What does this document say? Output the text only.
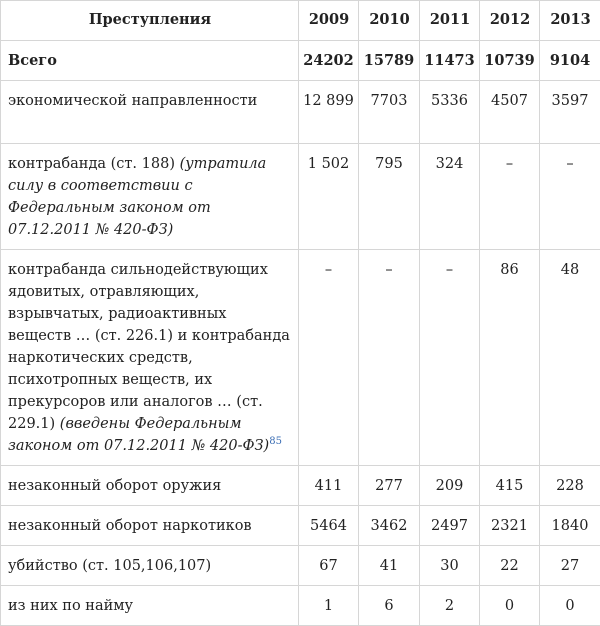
Преступления	2009	2010	2011	2012	2013
Всего	24202	15789	11473	10739	9104
экономической направленности	12 899	7703	5336	4507	3597
контрабанда (ст. 188) (утратила силу в соответствии с Федеральным законом от 07.12.2011 № 420-ФЗ)	1 502	795	324	–	–
контрабанда сильнодействующих ядовитых, отравляющих, взрывчатых, радиоактивных веществ … (ст. 226.1) и контрабанда наркотических средств, психотропных веществ, их прекурсоров или аналогов … (ст. 229.1) (введены Федеральным законом от 07.12.2011 № 420-ФЗ)$^{85}$	–	–	–	86	48
незаконный оборот оружия	411	277	209	415	228
незаконный оборот наркотиков	5464	3462	2497	2321	1840
убийство (ст. 105,106,107)	67	41	30	22	27
из них по найму	1	6	2	0	0
